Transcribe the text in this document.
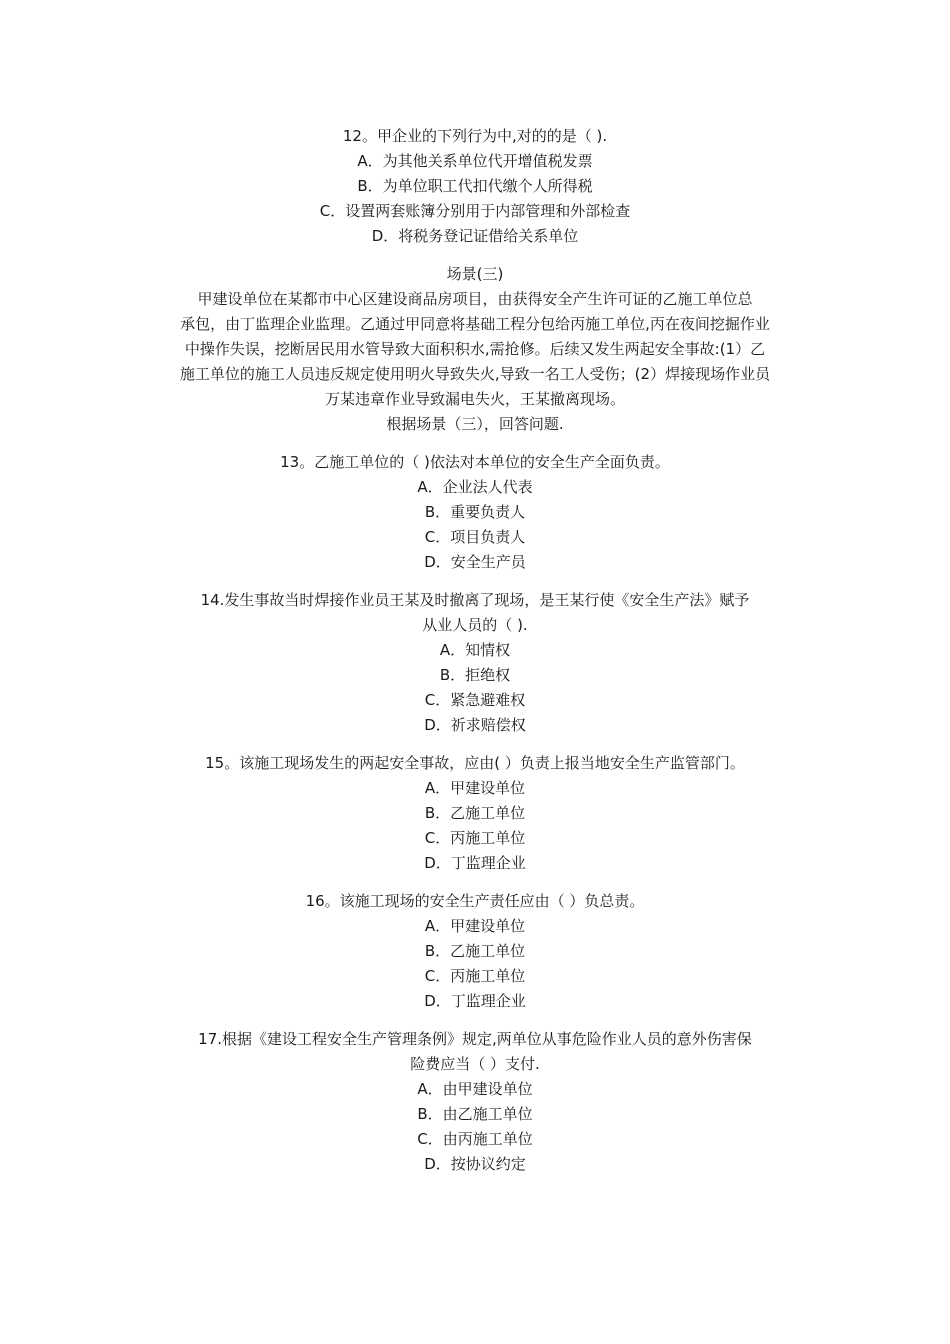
12。甲企业的下列行为中,对的的是（ ).
A．为其他关系单位代开增值税发票
B．为单位职工代扣代缴个人所得税
C．设置两套账簿分别用于内部管理和外部检查
D．将税务登记证借给关系单位
场景(三)
甲建设单位在某都市中心区建设商品房项目，由获得安全产生许可证的乙施工单位总
承包，由丁监理企业监理。乙通过甲同意将基础工程分包给丙施工单位,丙在夜间挖掘作业
中操作失误，挖断居民用水管导致大面积积水,需抢修。后续又发生两起安全事故:(1）乙
施工单位的施工人员违反规定使用明火导致失火,导致一名工人受伤；(2）焊接现场作业员
万某违章作业导致漏电失火，王某撤离现场。
根据场景（三），回答问题.
13。乙施工单位的（ )依法对本单位的安全生产全面负责。
A．企业法人代表
B．重要负责人
C．项目负责人
D．安全生产员
14.发生事故当时焊接作业员王某及时撤离了现场，是王某行使《安全生产法》赋予
从业人员的（ ).
A．知情权
B．拒绝权
C．紧急避难权
D．祈求赔偿权
15。该施工现场发生的两起安全事故，应由( ）负责上报当地安全生产监管部门。
A．甲建设单位
B．乙施工单位
C．丙施工单位
D．丁监理企业
16。该施工现场的安全生产责任应由（ ）负总责。
A．甲建设单位
B．乙施工单位
C．丙施工单位
D．丁监理企业
17.根据《建设工程安全生产管理条例》规定,两单位从事危险作业人员的意外伤害保
险费应当（ ）支付.
A．由甲建设单位
B．由乙施工单位
C．由丙施工单位
D．按协议约定
